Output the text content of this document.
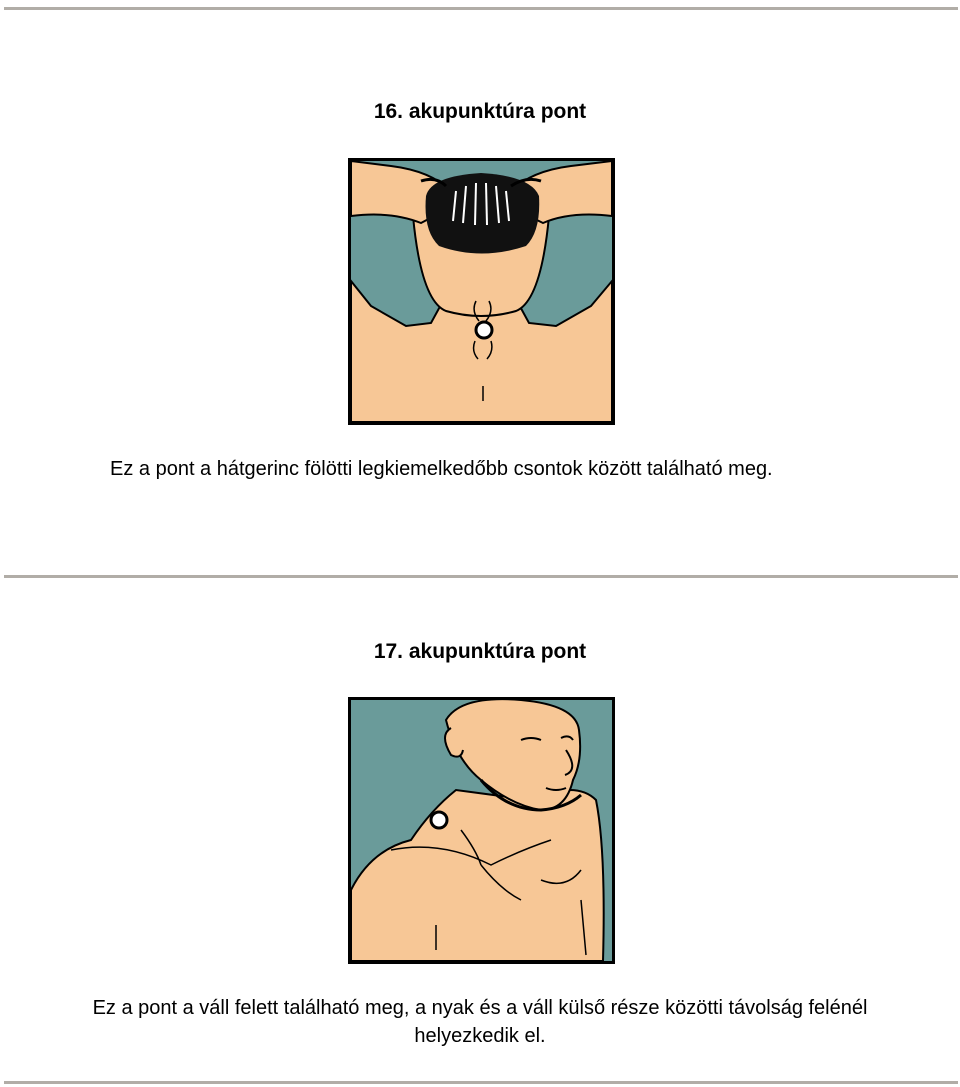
16. akupunktúra pont
Ez a pont a hátgerinc fölötti legkiemelkedőbb csontok között található meg.
17. akupunktúra pont
Ez a pont a váll felett található meg, a nyak és a váll külső része közötti távolság felénél helyezkedik el.
